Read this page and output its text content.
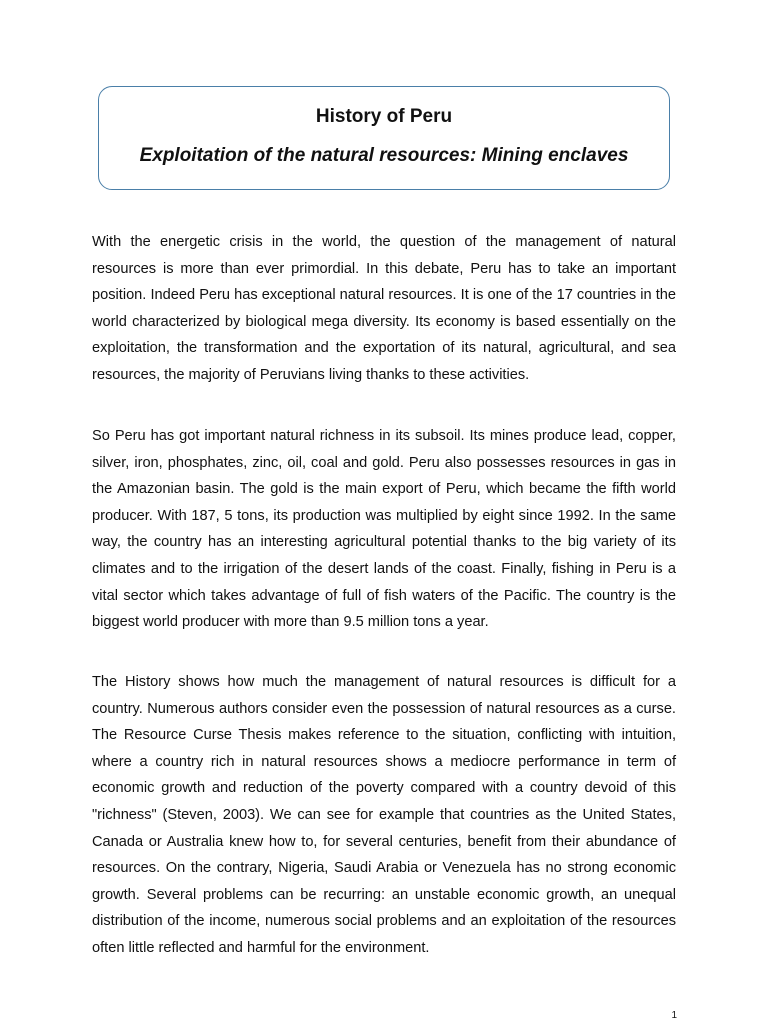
History of Peru
Exploitation of the natural resources: Mining enclaves

With the energetic crisis in the world, the question of the management of natural resources is more than ever primordial. In this debate, Peru has to take an important position. Indeed Peru has exceptional natural resources. It is one of the 17 countries in the world characterized by biological mega diversity. Its economy is based essentially on the exploitation, the transformation and the exportation of its natural, agricultural, and sea resources, the majority of Peruvians living thanks to these activities.

So Peru has got important natural richness in its subsoil. Its mines produce lead, copper, silver, iron, phosphates, zinc, oil, coal and gold. Peru also possesses resources in gas in the Amazonian basin. The gold is the main export of Peru, which became the fifth world producer. With 187, 5 tons, its production was multiplied by eight since 1992. In the same way, the country has an interesting agricultural potential thanks to the big variety of its climates and to the irrigation of the desert lands of the coast. Finally, fishing in Peru is a vital sector which takes advantage of full of fish waters of the Pacific. The country is the biggest world producer with more than 9.5 million tons a year.

The History shows how much the management of natural resources is difficult for a country. Numerous authors consider even the possession of natural resources as a curse. The Resource Curse Thesis makes reference to the situation, conflicting with intuition, where a country rich in natural resources shows a mediocre performance in term of economic growth and reduction of the poverty compared with a country devoid of this "richness" (Steven, 2003). We can see for example that countries as the United States, Canada or Australia knew how to, for several centuries, benefit from their abundance of resources. On the contrary, Nigeria, Saudi Arabia or Venezuela has no strong economic growth. Several problems can be recurring: an unstable economic growth, an unequal distribution of the income, numerous social problems and an exploitation of the resources often little reflected and harmful for the environment.

1
